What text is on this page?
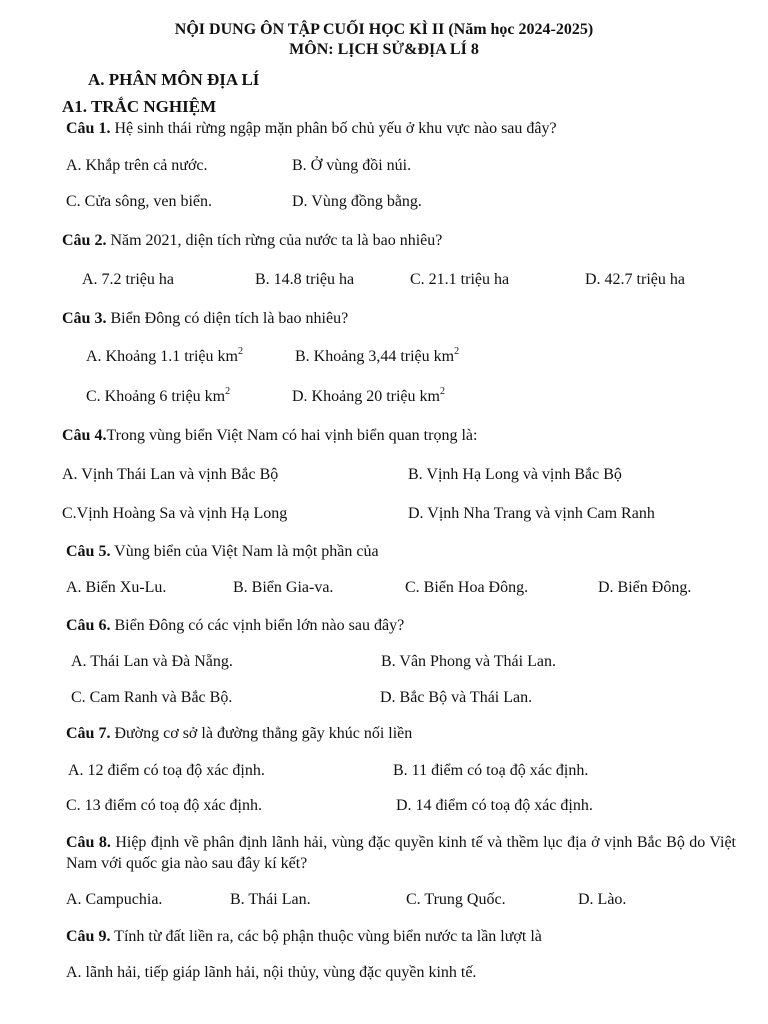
NỘI DUNG ÔN TẬP CUỐI HỌC KÌ II (Năm học 2024-2025)
MÔN: LỊCH SỬ&ĐỊA LÍ 8
A. PHÂN MÔN ĐỊA LÍ
A1. TRẮC NGHIỆM
Câu 1. Hệ sinh thái rừng ngập mặn phân bố chủ yếu ở khu vực nào sau đây?
A. Khắp trên cả nước.	B. Ở vùng đồi núi.
C. Cửa sông, ven biển.	D. Vùng đồng bằng.
Câu 2. Năm 2021, diện tích rừng của nước ta là bao nhiêu?
A. 7.2 triệu ha	B. 14.8 triệu ha	C. 21.1 triệu ha	D. 42.7 triệu ha
Câu 3. Biển Đông có diện tích là bao nhiêu?
A. Khoảng 1.1 triệu $km^2$	B. Khoảng 3,44 triệu $km^2$
C. Khoảng 6 triệu $km^2$	D. Khoảng 20 triệu $km^2$
Câu 4.Trong vùng biển Việt Nam có hai vịnh biển quan trọng là:
A. Vịnh Thái Lan và vịnh Bắc Bộ	B. Vịnh Hạ Long và vịnh Bắc Bộ
C.Vịnh Hoàng Sa và vịnh Hạ Long	D. Vịnh Nha Trang và vịnh Cam Ranh
Câu 5. Vùng biển của Việt Nam là một phần của
A. Biển Xu-Lu.	B. Biển Gia-va.	C. Biển Hoa Đông.	D. Biển Đông.
Câu 6. Biển Đông có các vịnh biển lớn nào sau đây?
A. Thái Lan và Đà Nẵng.	B. Vân Phong và Thái Lan.
C. Cam Ranh và Bắc Bộ.	D. Bắc Bộ và Thái Lan.
Câu 7. Đường cơ sở là đường thẳng gãy khúc nối liền
A. 12 điểm có toạ độ xác định.	B. 11 điểm có toạ độ xác định.
C. 13 điểm có toạ độ xác định.	D. 14 điểm có toạ độ xác định.
Câu 8. Hiệp định về phân định lãnh hải, vùng đặc quyền kinh tế và thềm lục địa ở vịnh Bắc Bộ do Việt Nam với quốc gia nào sau đây kí kết?
A. Campuchia.	B. Thái Lan.	C. Trung Quốc.	D. Lào.
Câu 9. Tính từ đất liền ra, các bộ phận thuộc vùng biển nước ta lần lượt là
A. lãnh hải, tiếp giáp lãnh hải, nội thủy, vùng đặc quyền kinh tế.
